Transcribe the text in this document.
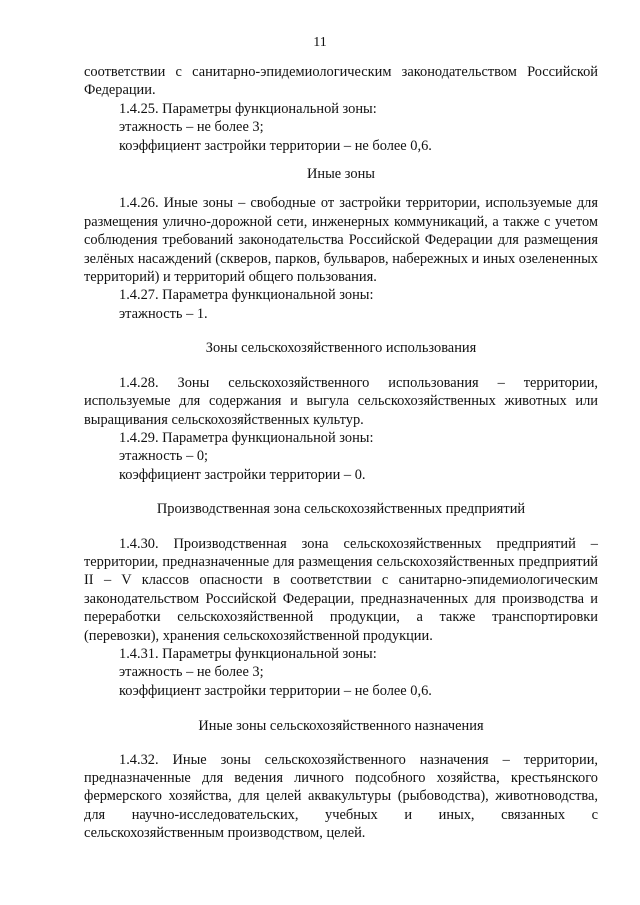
11

соответствии с санитарно-эпидемиологическим законодательством Российской Федерации.

1.4.25. Параметры функциональной зоны:

этажность – не более 3;

коэффициент застройки территории – не более 0,6.

Иные зоны

1.4.26. Иные зоны – свободные от застройки территории, используемые для размещения улично-дорожной сети, инженерных коммуникаций, а также с учетом соблюдения требований законодательства Российской Федерации для размещения зелёных насаждений (скверов, парков, бульваров, набережных и иных озелененных территорий) и территорий общего пользования.

1.4.27. Параметра функциональной зоны:

этажность – 1.

Зоны сельскохозяйственного использования

1.4.28. Зоны сельскохозяйственного использования – территории, используемые для содержания и выгула сельскохозяйственных животных или выращивания сельскохозяйственных культур.

1.4.29. Параметра функциональной зоны:

этажность – 0;

коэффициент застройки территории – 0.

Производственная зона сельскохозяйственных предприятий

1.4.30. Производственная зона сельскохозяйственных предприятий – территории, предназначенные для размещения сельскохозяйственных предприятий II – V классов опасности в соответствии с санитарно-эпидемиологическим законодательством Российской Федерации, предназначенных для производства и переработки сельскохозяйственной продукции, а также транспортировки (перевозки), хранения сельскохозяйственной продукции.

1.4.31. Параметры функциональной зоны:

этажность – не более 3;

коэффициент застройки территории – не более 0,6.

Иные зоны сельскохозяйственного назначения

1.4.32. Иные зоны сельскохозяйственного назначения – территории, предназначенные для ведения личного подсобного хозяйства, крестьянского фермерского хозяйства, для целей аквакультуры (рыбоводства), животноводства, для научно-исследовательских, учебных и иных, связанных с сельскохозяйственным производством, целей.
